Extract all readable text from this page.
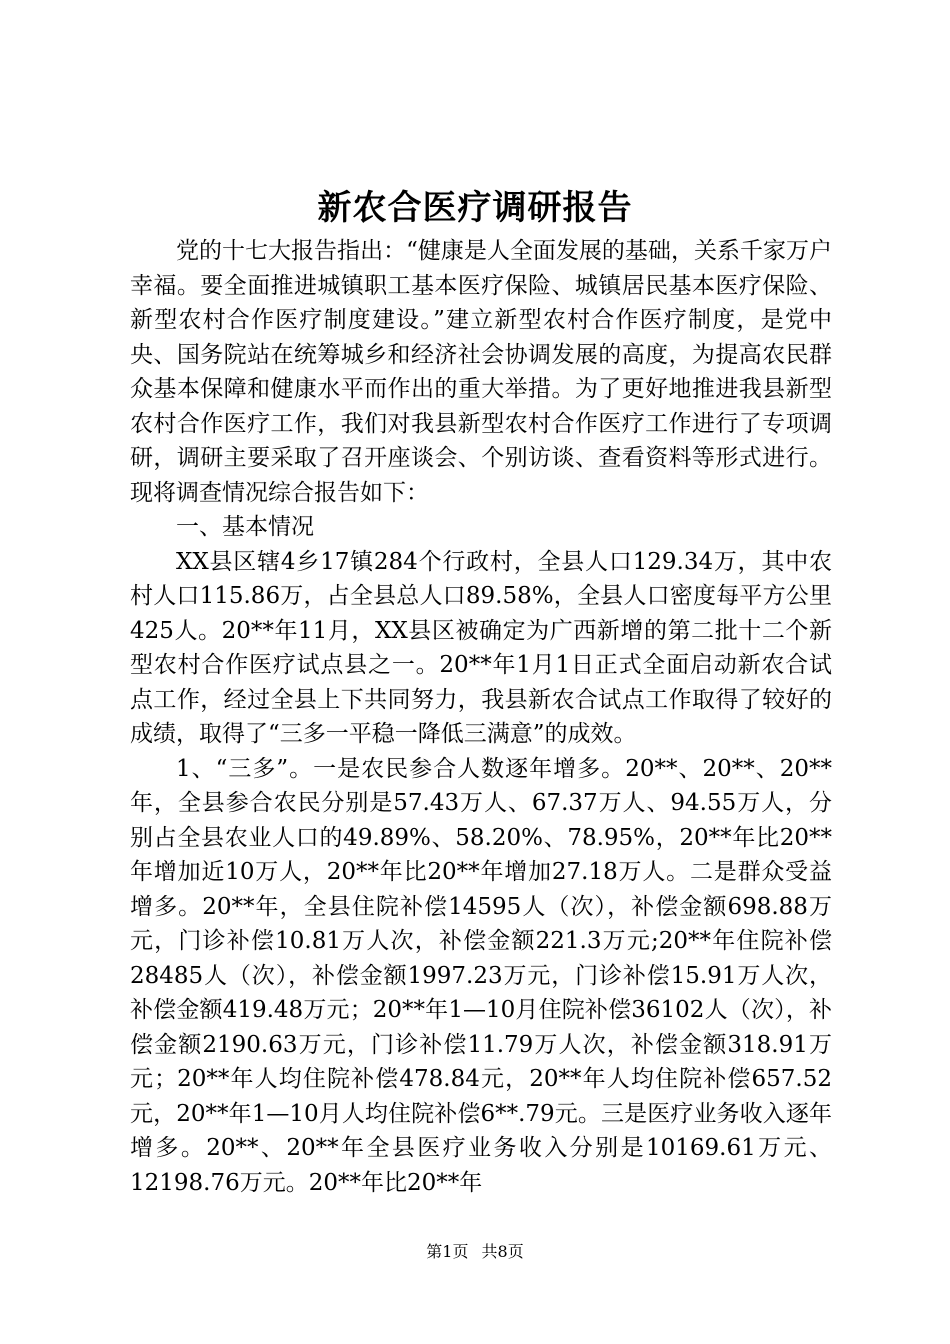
新农合医疗调研报告

党的十七大报告指出：“健康是人全面发展的基础，关系千家万户幸福。要全面推进城镇职工基本医疗保险、城镇居民基本医疗保险、新型农村合作医疗制度建设。”建立新型农村合作医疗制度，是党中央、国务院站在统筹城乡和经济社会协调发展的高度，为提高农民群众基本保障和健康水平而作出的重大举措。为了更好地推进我县新型农村合作医疗工作，我们对我县新型农村合作医疗工作进行了专项调研，调研主要采取了召开座谈会、个别访谈、查看资料等形式进行。现将调查情况综合报告如下：

一、基本情况

XX县区辖4乡17镇284个行政村，全县人口129.34万，其中农村人口115.86万，占全县总人口89.58%，全县人口密度每平方公里425人。20**年11月，XX县区被确定为广西新增的第二批十二个新型农村合作医疗试点县之一。20**年1月1日正式全面启动新农合试点工作，经过全县上下共同努力，我县新农合试点工作取得了较好的成绩，取得了“三多一平稳一降低三满意”的成效。

1、“三多”。一是农民参合人数逐年增多。20**、20**、20**年，全县参合农民分别是57.43万人、67.37万人、94.55万人，分别占全县农业人口的49.89%、58.20%、78.95%，20**年比20**年增加近10万人，20**年比20**年增加27.18万人。二是群众受益增多。20**年，全县住院补偿14595人（次），补偿金额698.88万元，门诊补偿10.81万人次，补偿金额221.3万元;20**年住院补偿28485人（次），补偿金额1997.23万元，门诊补偿15.91万人次，补偿金额419.48万元；20**年1—10月住院补偿36102人（次），补偿金额2190.63万元，门诊补偿11.79万人次，补偿金额318.91万元；20**年人均住院补偿478.84元，20**年人均住院补偿657.52元，20**年1—10月人均住院补偿6**.79元。三是医疗业务收入逐年增多。20**、20**年全县医疗业务收入分别是10169.61万元、12198.76万元。20**年比20**年

第1页 共8页
